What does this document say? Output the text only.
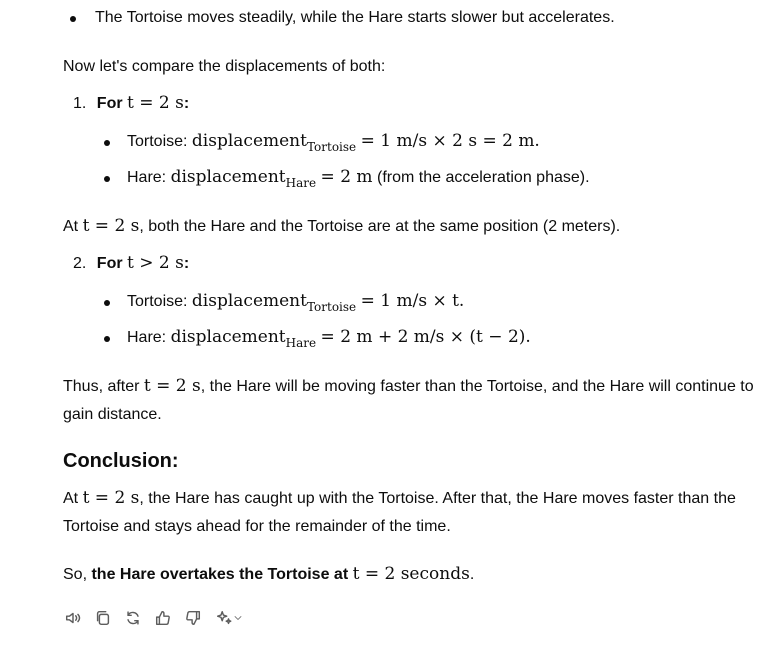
The Tortoise moves steadily, while the Hare starts slower but accelerates.
Now let's compare the displacements of both:
1. For t = 2 s:
Tortoise: displacement$_{Tortoise}$ = 1 m/s × 2 s = 2 m.
Hare: displacement$_{Hare}$ = 2 m (from the acceleration phase).
At t = 2 s, both the Hare and the Tortoise are at the same position (2 meters).
2. For t > 2 s:
Tortoise: displacement$_{Tortoise}$ = 1 m/s × t.
Hare: displacement$_{Hare}$ = 2 m + 2 m/s × (t − 2).
Thus, after t = 2 s, the Hare will be moving faster than the Tortoise, and the Hare will continue to
gain distance.
Conclusion:
At t = 2 s, the Hare has caught up with the Tortoise. After that, the Hare moves faster than the
Tortoise and stays ahead for the remainder of the time.
So, the Hare overtakes the Tortoise at t = 2 seconds.
